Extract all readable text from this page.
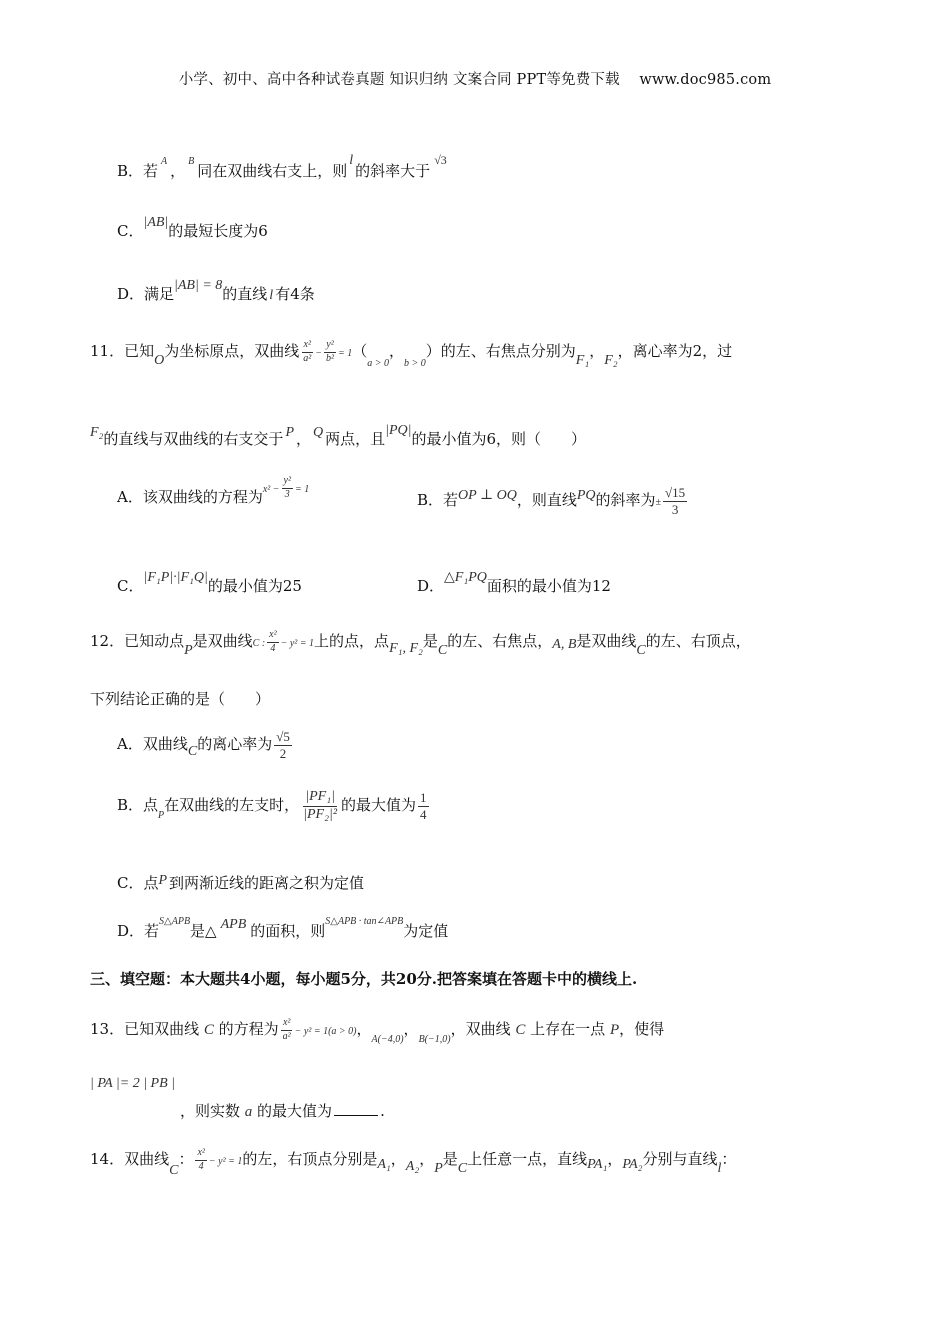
小学、初中、高中各种试卷真题 知识归纳 文案合同 PPT等免费下载　 www.doc985.com
B．若$^A$，$^B$同在双曲线右支上，则l的斜率大于$^{√3}$
C．|AB|的最短长度为6
D．满足|AB| = 8的直线 l 有4条
11．已知O为坐标原点，双曲线 $\frac{\text{x²}}{\text{a²}} - \frac{\text{y²}}{\text{b²}} = 1(_{a > 0}$，$_{b > 0}$）的左、右焦点分别为F₁，F₂，离心率为2，过
F₂的直线与双曲线的右支交于 P ， Q 两点，且|PQ|的最小值为6，则（　　）
A．该双曲线的方程为$^{x^2 -} \frac{\text{y²}}{3} ^{= 1}$
B．若OP ⊥ OQ，则直线PQ的斜率为± $\frac{√15}{3}$
C．|F₁P|·|F₁Q|的最小值为25	D．△F₁PQ面积的最小值为12
12．已知动点P是双曲线C : $\frac{\text{x²}}{4} - y^2 = 1$上的点，点F₁, F₂是C的左、右焦点，A, B是双曲线C的左、右顶点，
下列结论正确的是（　　）
A．双曲线C的离心率为 $\frac{√5}{2}$
B．点$_P$在双曲线的左支时， $\frac{\text{|PF₁|}}{\text{|PF₂|²}}$ 的最大值为 $\frac{1}{4}$
C．点P 到两渐近线的距离之积为定值
D．若$^{S\triangle APB}$是△ APB 的面积，则$^{S\triangle APB \cdot tan\angle APB}$为定值
三、填空题：本大题共4小题，每小题5分，共20分.把答案填在答题卡中的横线上.
13．已知双曲线 C 的方程为 $\frac{\text{x²}}{\text{a²}} - y^2 = 1(a > 0)$，$_{A(-4,0)}$，$_{B(-1,0)}$，双曲线 C 上存在一点 P，使得
| PA |= 2 | PB |
，则实数 a 的最大值为	.
14．双曲线C： $\frac{\text{x²}}{4} - y^2 = 1$的左，右顶点分别是A₁，A₂，P是C上任意一点，直线PA₁，PA₂分别与直线l：
